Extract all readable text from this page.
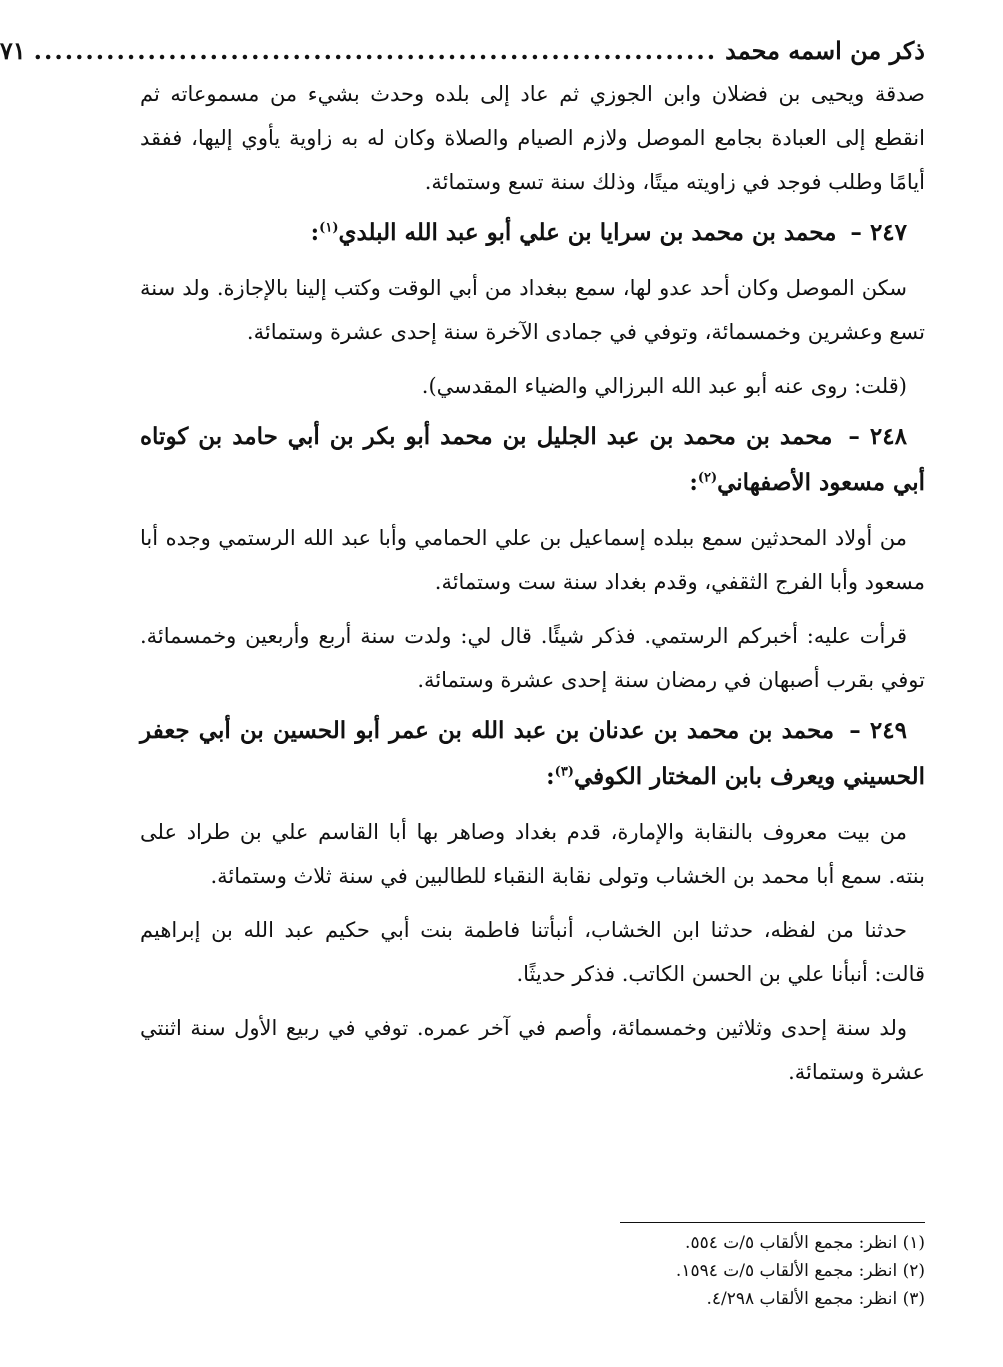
ذكر من اسمه محمد
..................................................................
٧١

صدقة ويحيى بن فضلان وابن الجوزي ثم عاد إلى بلده وحدث بشيء من مسموعاته ثم انقطع إلى العبادة بجامع الموصل ولازم الصيام والصلاة وكان له به زاوية يأوي إليها، ففقد أيامًا وطلب فوجد في زاويته ميتًا، وذلك سنة تسع وستمائة.

٢٤٧ – محمد بن محمد بن سرايا بن علي أبو عبد الله البلدي$^{(١)}$:

سكن الموصل وكان أحد عدو لها، سمع ببغداد من أبي الوقت وكتب إلينا بالإجازة. ولد سنة تسع وعشرين وخمسمائة، وتوفي في جمادى الآخرة سنة إحدى عشرة وستمائة.

(قلت: روى عنه أبو عبد الله البرزالي والضياء المقدسي).

٢٤٨ – محمد بن محمد بن عبد الجليل بن محمد أبو بكر بن أبي حامد بن كوتاه أبي مسعود الأصفهاني$^{(٢)}$:

من أولاد المحدثين سمع ببلده إسماعيل بن علي الحمامي وأبا عبد الله الرستمي وجده أبا مسعود وأبا الفرج الثقفي، وقدم بغداد سنة ست وستمائة.

قرأت عليه: أخبركم الرستمي. فذكر شيئًا. قال لي: ولدت سنة أربع وأربعين وخمسمائة. توفي بقرب أصبهان في رمضان سنة إحدى عشرة وستمائة.

٢٤٩ – محمد بن محمد بن عدنان بن عبد الله بن عمر أبو الحسين بن أبي جعفر الحسيني ويعرف بابن المختار الكوفي$^{(٣)}$:

من بيت معروف بالنقابة والإمارة، قدم بغداد وصاهر بها أبا القاسم علي بن طراد على بنته. سمع أبا محمد بن الخشاب وتولى نقابة النقباء للطالبين في سنة ثلاث وستمائة.

حدثنا من لفظه، حدثنا ابن الخشاب، أنبأتنا فاطمة بنت أبي حكيم عبد الله بن إبراهيم قالت: أنبأنا علي بن الحسن الكاتب. فذكر حديثًا.

ولد سنة إحدى وثلاثين وخمسمائة، وأصم في آخر عمره. توفي في ربيع الأول سنة اثنتي عشرة وستمائة.

(١) انظر: مجمع الألقاب ٥/ت ٥٥٤.

(٢) انظر: مجمع الألقاب ٥/ت ١٥٩٤.

(٣) انظر: مجمع الألقاب ٤/٢٩٨.
